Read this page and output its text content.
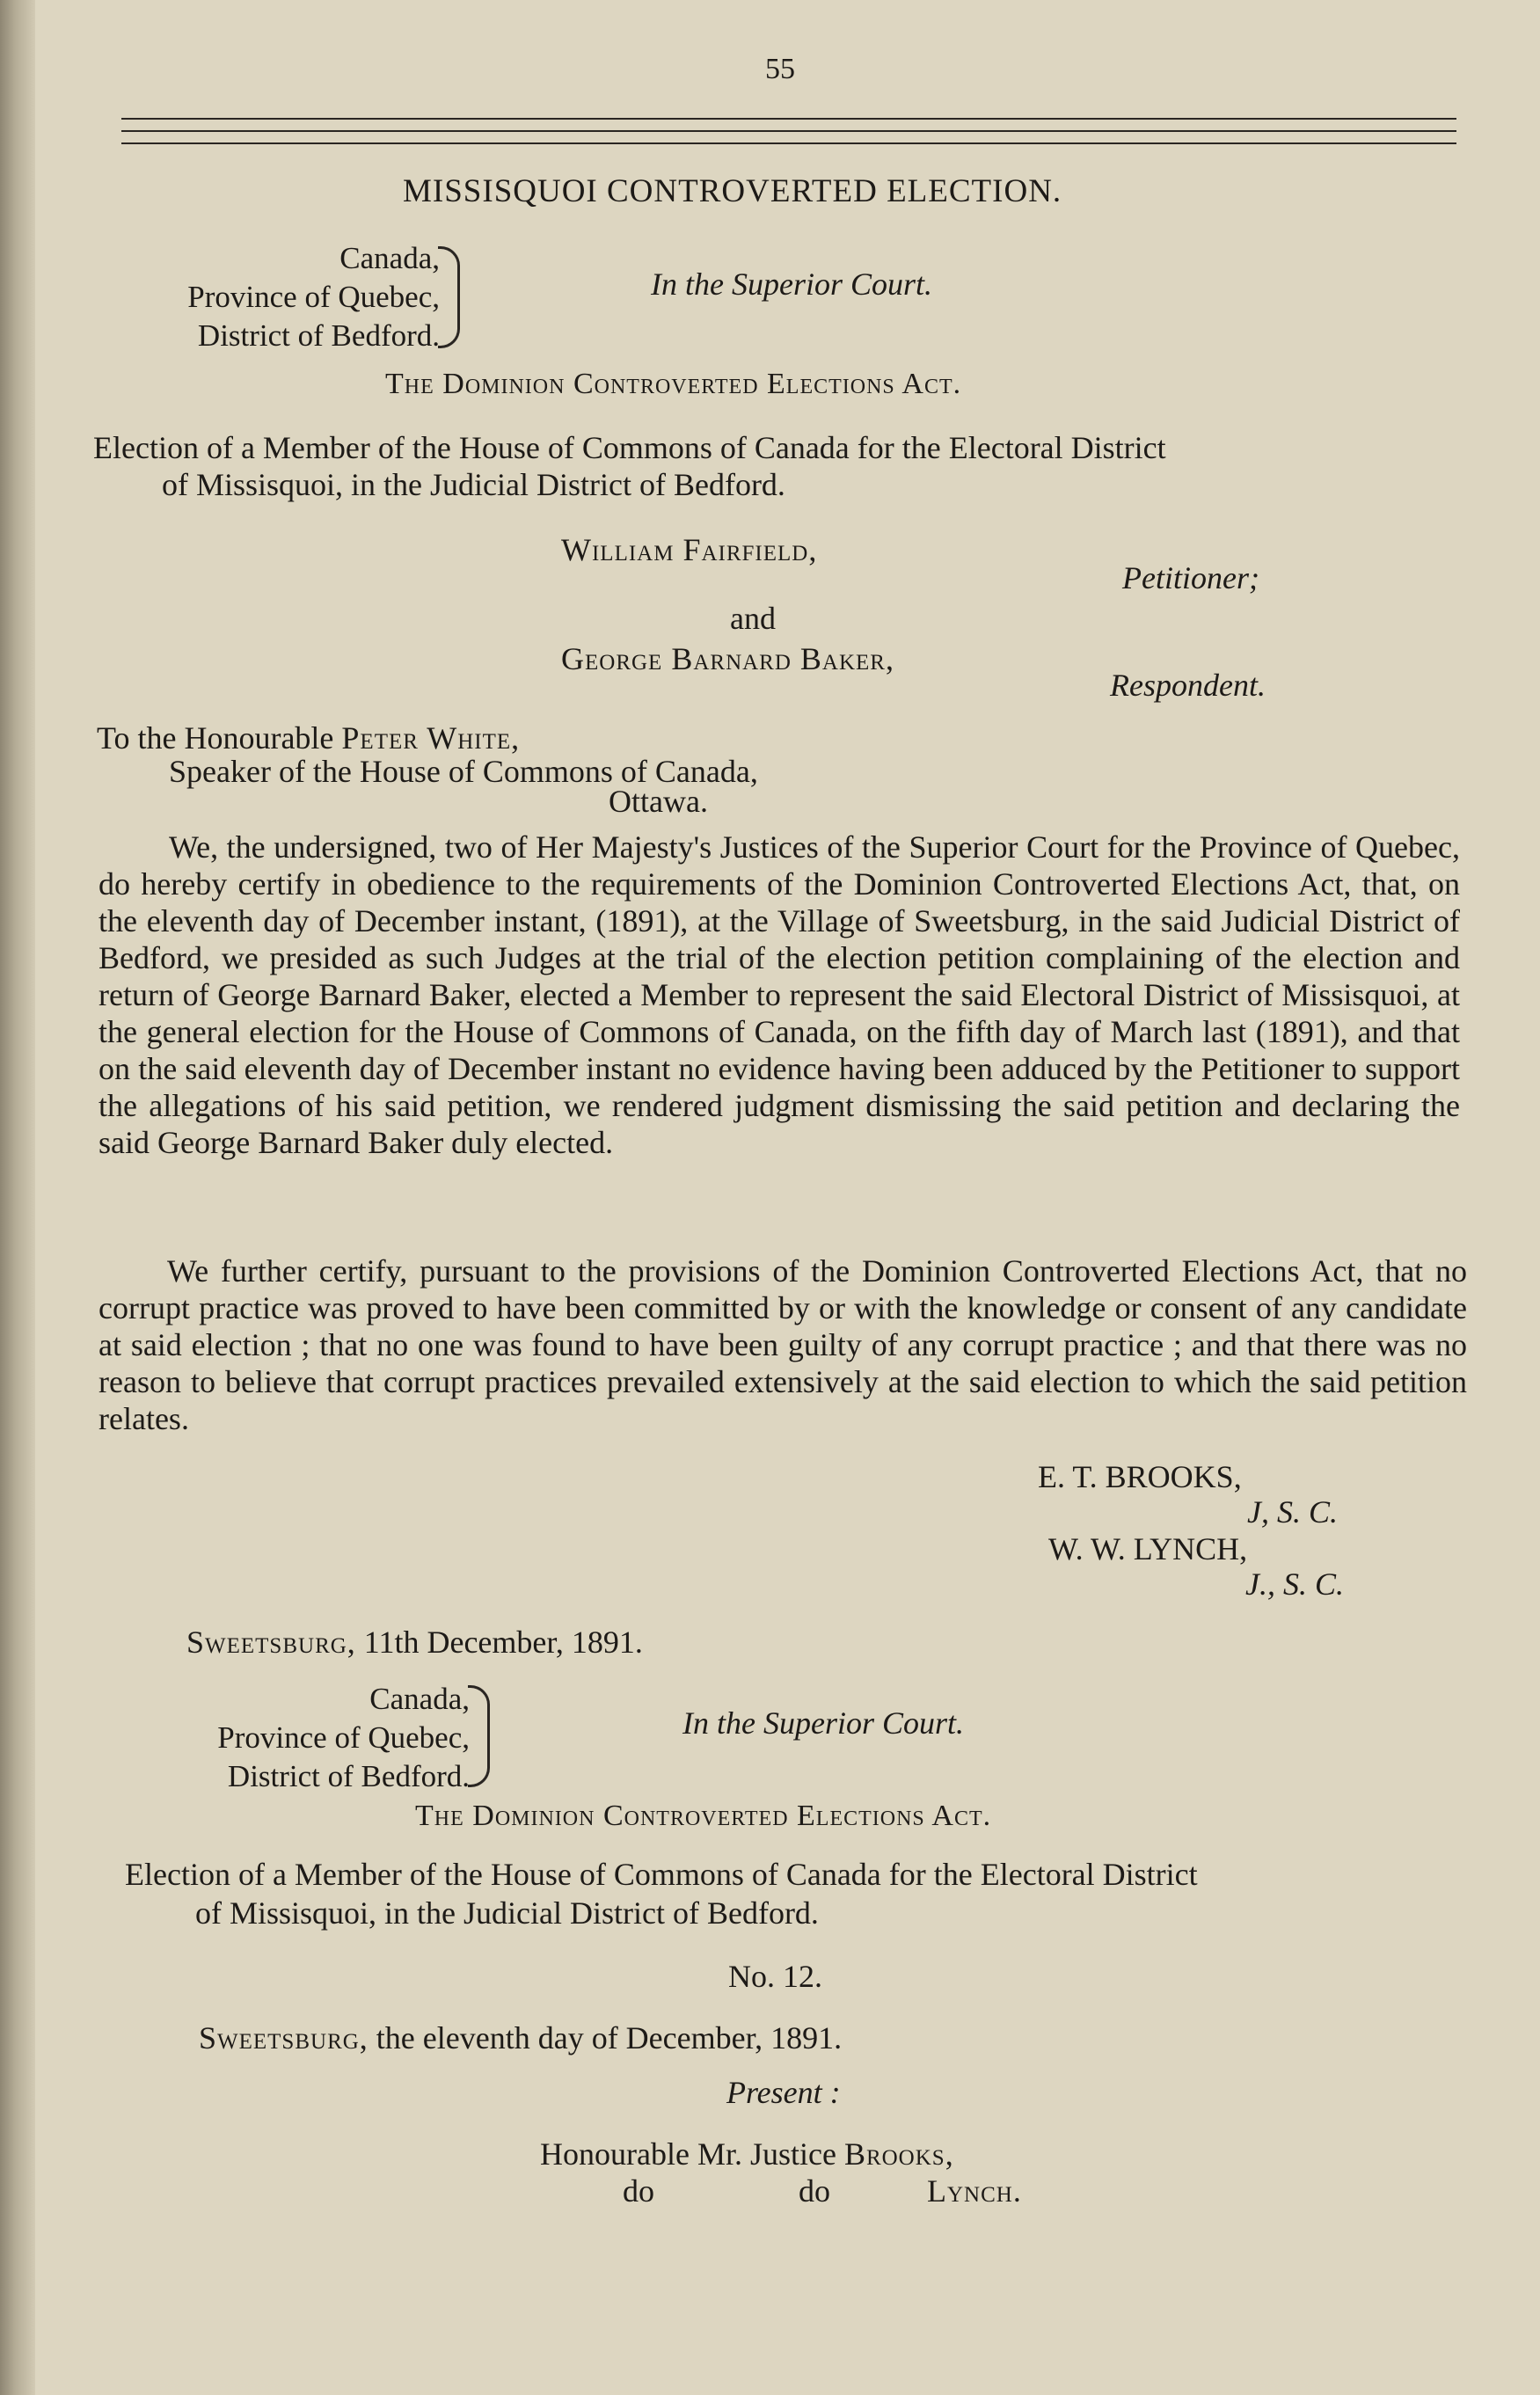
55
MISSISQUOI CONTROVERTED ELECTION.
Canada,
Province of Quebec,
District of Bedford.
In the Superior Court.
The Dominion Controverted Elections Act.
Election of a Member of the House of Commons of Canada for the Electoral District
of Missisquoi, in the Judicial District of Bedford.
William Fairfield,
Petitioner;
and
George Barnard Baker,
Respondent.
To the Honourable Peter White,
Speaker of the House of Commons of Canada,
Ottawa.
We, the undersigned, two of Her Majesty's Justices of the Superior Court for the Province of Quebec, do hereby certify in obedience to the requirements of the Dominion Controverted Elections Act, that, on the eleventh day of December instant, (1891), at the Village of Sweetsburg, in the said Judicial District of Bedford, we presided as such Judges at the trial of the election petition complaining of the election and return of George Barnard Baker, elected a Member to represent the said Electoral District of Missisquoi, at the general election for the House of Commons of Canada, on the fifth day of March last (1891), and that on the said eleventh day of December instant no evidence having been adduced by the Petitioner to support the allegations of his said petition, we rendered judgment dismissing the said petition and declaring the said George Barnard Baker duly elected.
We further certify, pursuant to the provisions of the Dominion Controverted Elections Act, that no corrupt practice was proved to have been committed by or with the knowledge or consent of any candidate at said election ; that no one was found to have been guilty of any corrupt practice ; and that there was no reason to believe that corrupt practices prevailed extensively at the said election to which the said petition relates.
E. T. BROOKS,
J, S. C.
W. W. LYNCH,
J., S. C.
Sweetsburg, 11th December, 1891.
Canada,
Province of Quebec,
District of Bedford.
In the Superior Court.
The Dominion Controverted Elections Act.
Election of a Member of the House of Commons of Canada for the Electoral District
of Missisquoi, in the Judicial District of Bedford.
No. 12.
Sweetsburg, the eleventh day of December, 1891.
Present :
Honourable Mr. Justice Brooks,
do	do	Lynch.
